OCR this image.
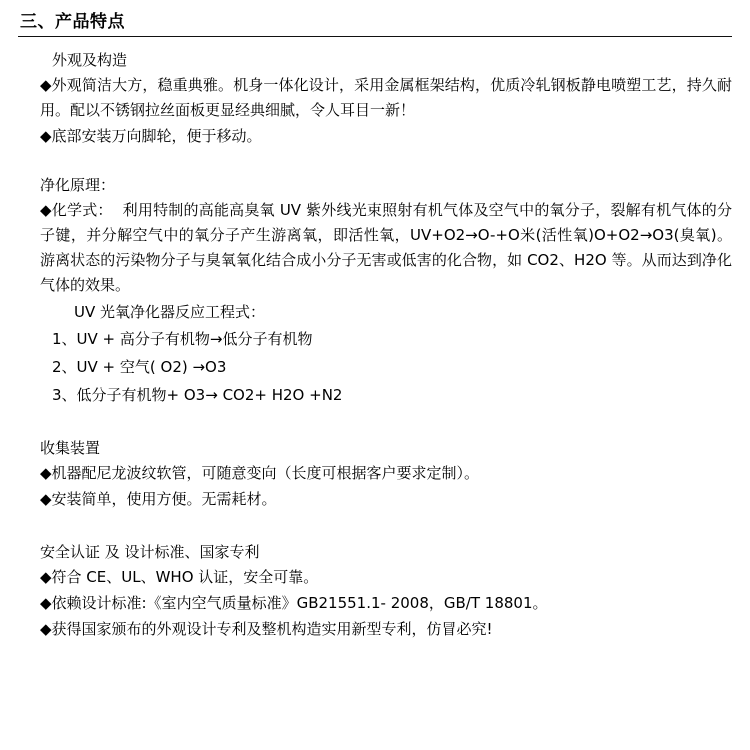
三、产品特点
外观及构造
◆外观简洁大方，稳重典雅。机身一体化设计，采用金属框架结构，优质冷轧钢板静电喷塑工艺，持久耐用。配以不锈钢拉丝面板更显经典细腻，令人耳目一新！
◆底部安装万向脚轮，便于移动。
净化原理：
◆化学式： 利用特制的高能高臭氧 UV 紫外线光束照射有机气体及空气中的氧分子，裂解有机气体的分子键，并分解空气中的氧分子产生游离氧，即活性氧，UV+O2→O-+O米(活性氧)O+O2→O3(臭氧)。游离状态的污染物分子与臭氧氧化结合成小分子无害或低害的化合物，如 CO2、H2O 等。从而达到净化气体的效果。
UV 光氧净化器反应工程式：
1、UV + 高分子有机物→低分子有机物
2、UV + 空气( O2) →O3
3、低分子有机物+ O3→ CO2+ H2O +N2
收集装置
◆机器配尼龙波纹软管，可随意变向（长度可根据客户要求定制）。
◆安装简单，使用方便。无需耗材。
安全认证 及 设计标准、国家专利
◆符合 CE、UL、WHO 认证，安全可靠。
◆依赖设计标准:《室内空气质量标准》GB21551.1- 2008，GB/T 18801。
◆获得国家颁布的外观设计专利及整机构造实用新型专利，仿冒必究!
